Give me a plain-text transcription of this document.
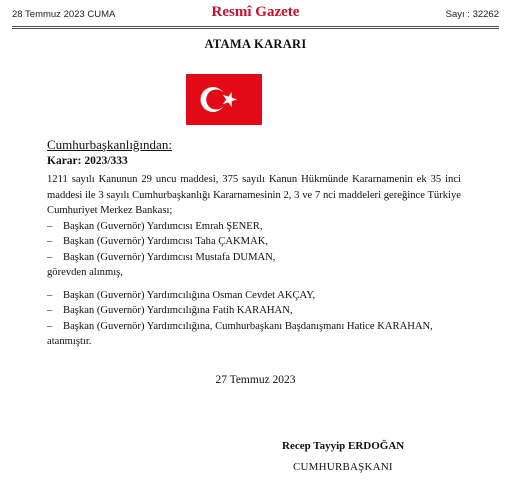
28 Temmuz 2023 CUMA	Resmî Gazete	Sayı : 32262
ATAMA KARARI
Cumhurbaşkanlığından:
Karar: 2023/333
1211 sayılı Kanunun 29 uncu maddesi, 375 sayılı Kanun Hükmünde Kararnamenin ek 35 inci maddesi ile 3 sayılı Cumhurbaşkanlığı Kararnamesinin 2, 3 ve 7 nci maddeleri gereğince Türkiye Cumhuriyet Merkez Bankası;
– Başkan (Guvernör) Yardımcısı Emrah ŞENER,
– Başkan (Guvernör) Yardımcısı Taha ÇAKMAK,
– Başkan (Guvernör) Yardımcısı Mustafa DUMAN,
görevden alınmış,
– Başkan (Guvernör) Yardımcılığına Osman Cevdet AKÇAY,
– Başkan (Guvernör) Yardımcılığına Fatih KARAHAN,
– Başkan (Guvernör) Yardımcılığına, Cumhurbaşkanı Başdanışmanı Hatice KARAHAN,
atanmıştır.
27 Temmuz 2023
Recep Tayyip ERDOĞAN
CUMHURBAŞKANI
